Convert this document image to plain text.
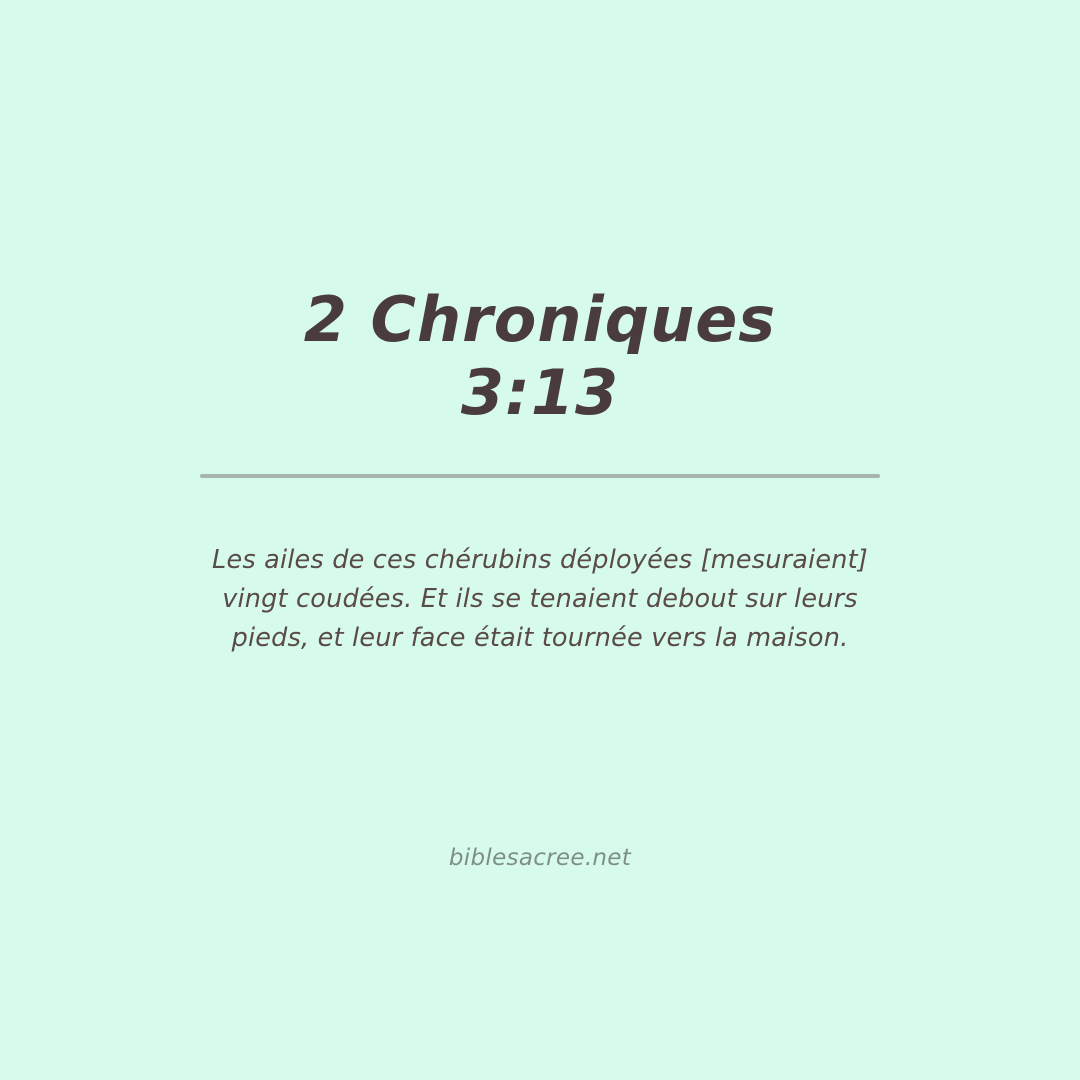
2 Chroniques
3:13
Les ailes de ces chérubins déployées [mesuraient] vingt coudées. Et ils se tenaient debout sur leurs pieds, et leur face était tournée vers la maison.
biblesacree.net
